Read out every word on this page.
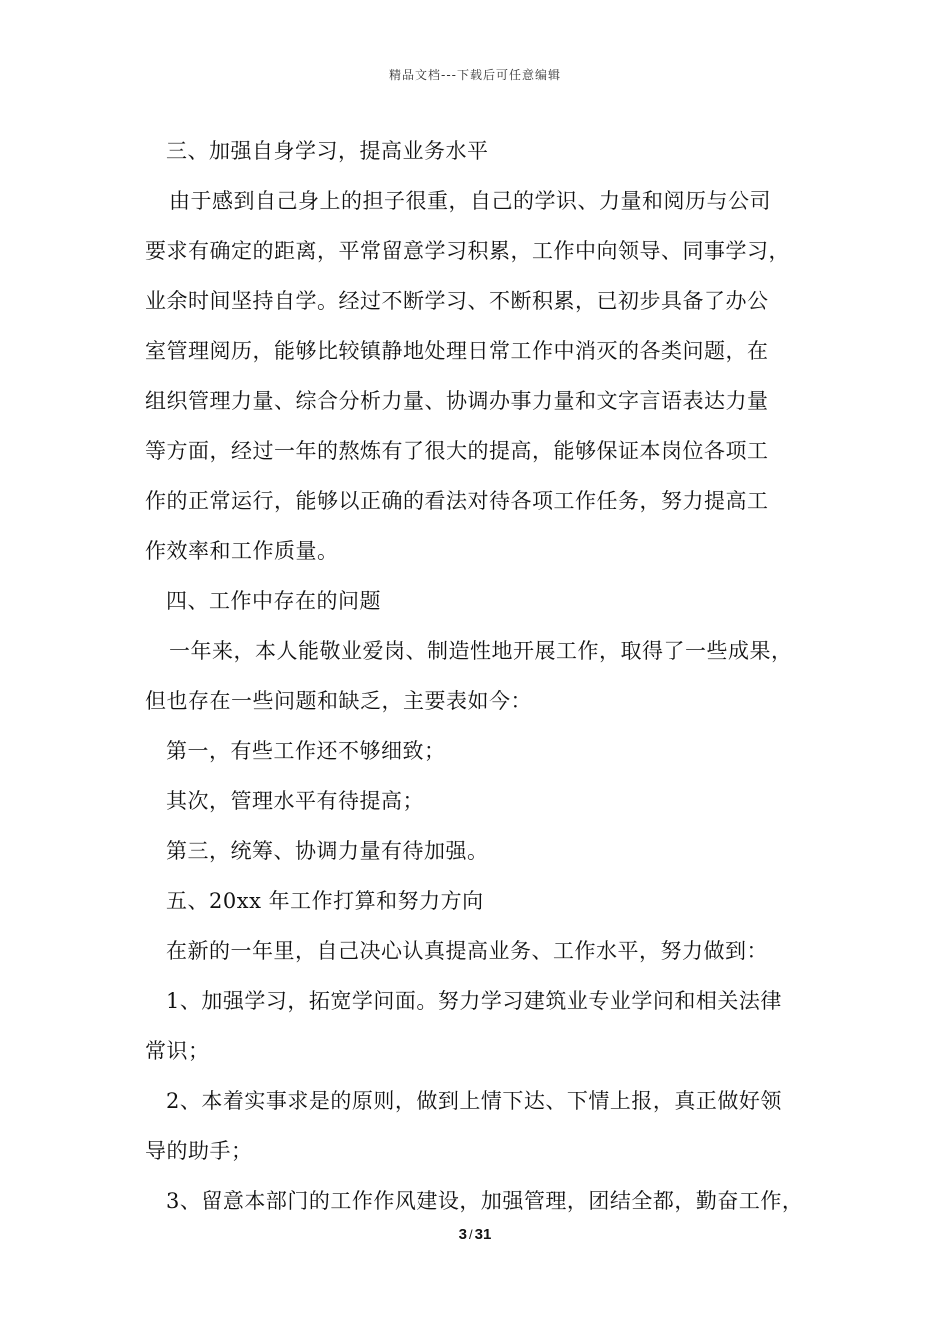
精品文档---下载后可任意编辑
三、加强自身学习，提高业务水平
由于感到自己身上的担子很重，自己的学识、力量和阅历与公司
要求有确定的距离，平常留意学习积累，工作中向领导、同事学习，
业余时间坚持自学。经过不断学习、不断积累，已初步具备了办公
室管理阅历，能够比较镇静地处理日常工作中消灭的各类问题，在
组织管理力量、综合分析力量、协调办事力量和文字言语表达力量
等方面，经过一年的熬炼有了很大的提高，能够保证本岗位各项工
作的正常运行，能够以正确的看法对待各项工作任务，努力提高工
作效率和工作质量。
四、工作中存在的问题
一年来，本人能敬业爱岗、制造性地开展工作，取得了一些成果，
但也存在一些问题和缺乏，主要表如今：
第一，有些工作还不够细致；
其次，管理水平有待提高；
第三，统筹、协调力量有待加强。
五、20xx 年工作打算和努力方向
在新的一年里，自己决心认真提高业务、工作水平，努力做到：
1、加强学习，拓宽学问面。努力学习建筑业专业学问和相关法律
常识；
2、本着实事求是的原则，做到上情下达、下情上报，真正做好领
导的助手；
3、留意本部门的工作作风建设，加强管理，团结全都，勤奋工作，
3 / 31
